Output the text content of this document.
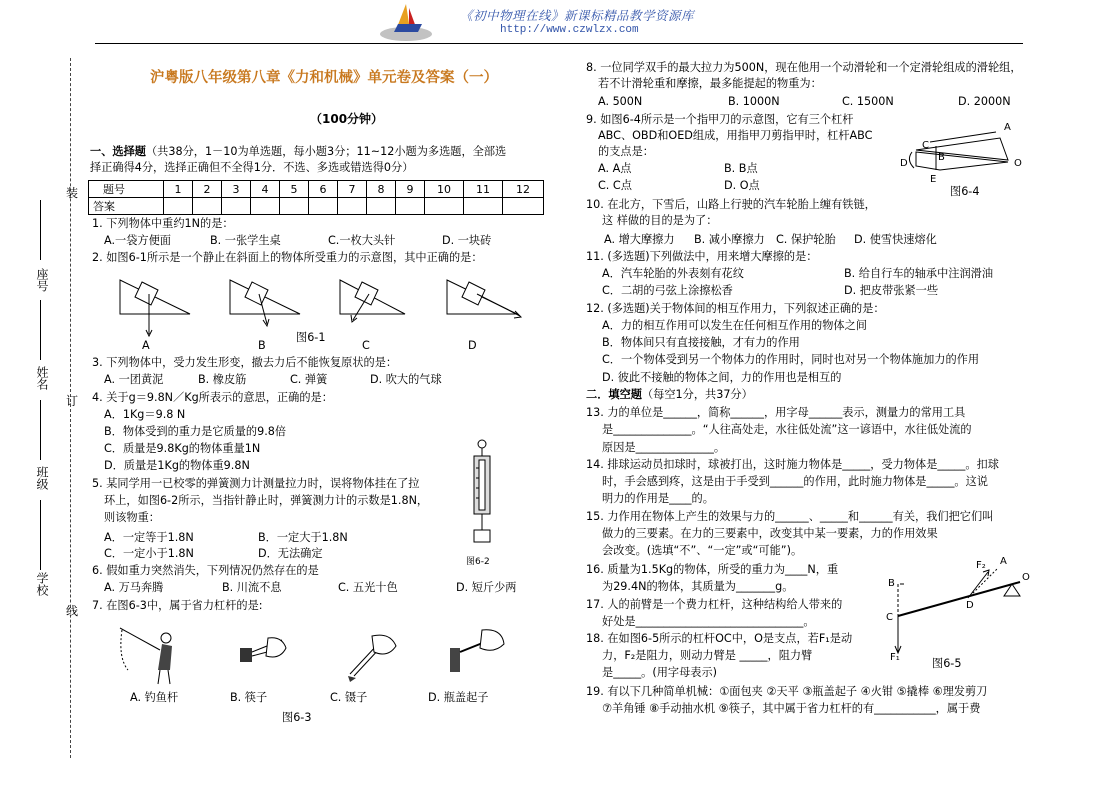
《初中物理在线》新课标精品教学资源库
http://www.czwlzx.com
装
订
线
座号
姓名
班级
学校
沪粤版八年级第八章《力和机械》单元卷及答案（一）
（100分钟）
一、选择题（共38分，1－10为单选题，每小题3分；11~12小题为多选题，全部选
择正确得4分，选择正确但不全得1分．不选、多选或错选得0分）
题号	1	2	3	4	5	6	7	8	9	10	11	12
答案												
1. 下列物体中重约1N的是：
A.一袋方便面	B. 一张学生桌	C.一枚大头针	D. 一块砖
2. 如图6-1所示是一个静止在斜面上的物体所受重力的示意图，其中正确的是：
图6-1
A	B	C	D
3. 下列物体中，受力发生形变，撤去力后不能恢复原状的是：
A. 一团黄泥	B. 橡皮筋	C. 弹簧	D. 吹大的气球
4. 关于g＝9.8N／Kg所表示的意思，正确的是：
A．1Kg＝9.8 N
B．物体受到的重力是它质量的9.8倍
C．质量是9.8Kg的物体重量1N
D．质量是1Kg的物体重9.8N
5. 某同学用一已校零的弹簧测力计测量拉力时，误将物体挂在了拉
环上，如图6-2所示，当指针静止时，弹簧测力计的示数是1.8N，
则该物重：
A．一定等于1.8N	B．一定大于1.8N
C．一定小于1.8N	D．无法确定
图6-2
6. 假如重力突然消失，下列情况仍然存在的是
A. 万马奔腾	B. 川流不息	C. 五光十色	D. 短斤少两
7. 在图6-3中，属于省力杠杆的是:
A. 钓鱼杆	B. 筷子	C. 镊子	D. 瓶盖起子
图6-3
8. 一位同学双手的最大拉力为500N，现在他用一个动滑轮和一个定滑轮组成的滑轮组，
若不计滑轮重和摩擦，最多能提起的物重为：
A. 500N	B. 1000N	C. 1500N	D. 2000N
9. 如图6-4所示是一个指甲刀的示意图，它有三个杠杆
ABC、OBD和OED组成，用指甲刀剪指甲时，杠杆ABC
的支点是：
A. A点	B. B点
C. C点	D. O点
A
C
B
D
E
O
图6-4
10. 在北方，下雪后，山路上行驶的汽车轮胎上缠有铁链，
这 样做的目的是为了：
A. 增大摩擦力 B. 减小摩擦力 C. 保护轮胎 D. 使雪快速熔化
11. (多选题)下列做法中，用来增大摩擦的是：
A．汽车轮胎的外表刻有花纹	B. 给自行车的轴承中注润滑油
C．二胡的弓弦上涂擦松香	D. 把皮带张紧一些
12. (多选题)关于物体间的相互作用力，下列叙述正确的是：
A．力的相互作用可以发生在任何相互作用的物体之间
B．物体间只有直接接触，才有力的作用
C．一个物体受到另一个物体力的作用时，同时也对另一个物体施加力的作用
D. 彼此不接触的物体之间，力的作用也是相互的
二．填空题（每空1分，共37分）
13. 力的单位是______，简称______，用字母______表示，测量力的常用工具
是______________。“人往高处走，水往低处流”这一谚语中，水往低处流的
原因是______________。
14. 排球运动员扣球时，球被打出，这时施力物体是_____，受力物体是_____。扣球
时，手会感到疼，这是由于手受到______的作用，此时施力物体是_____。这说
明力的作用是____的。
15. 力作用在物体上产生的效果与力的______、_____和______有关，我们把它们叫
做力的三要素。在力的三要素中，改变其中某一要素，力的作用效果
会改变。(选填“不”、“一定”或“可能”)。
16. 质量为1.5Kg的物体，所受的重力为____N，重
为29.4N的物体，其质量为_______g。
17. 人的前臂是一个费力杠杆，这种结构给人带来的
好处是______________________________。
18. 在如图6-5所示的杠杆OC中，O是支点，若F₁是动
力，F₂是阻力，则动力臂是 _____，阻力臂
是_____。(用字母表示)
F₂ A
O
B
D
C
F₁	图6-5
19. 有以下几种简单机械：①面包夹 ②天平 ③瓶盖起子 ④火钳 ⑤撬棒 ⑥理发剪刀
⑦羊角锤 ⑧手动抽水机 ⑨筷子，其中属于省力杠杆的有___________，属于费
